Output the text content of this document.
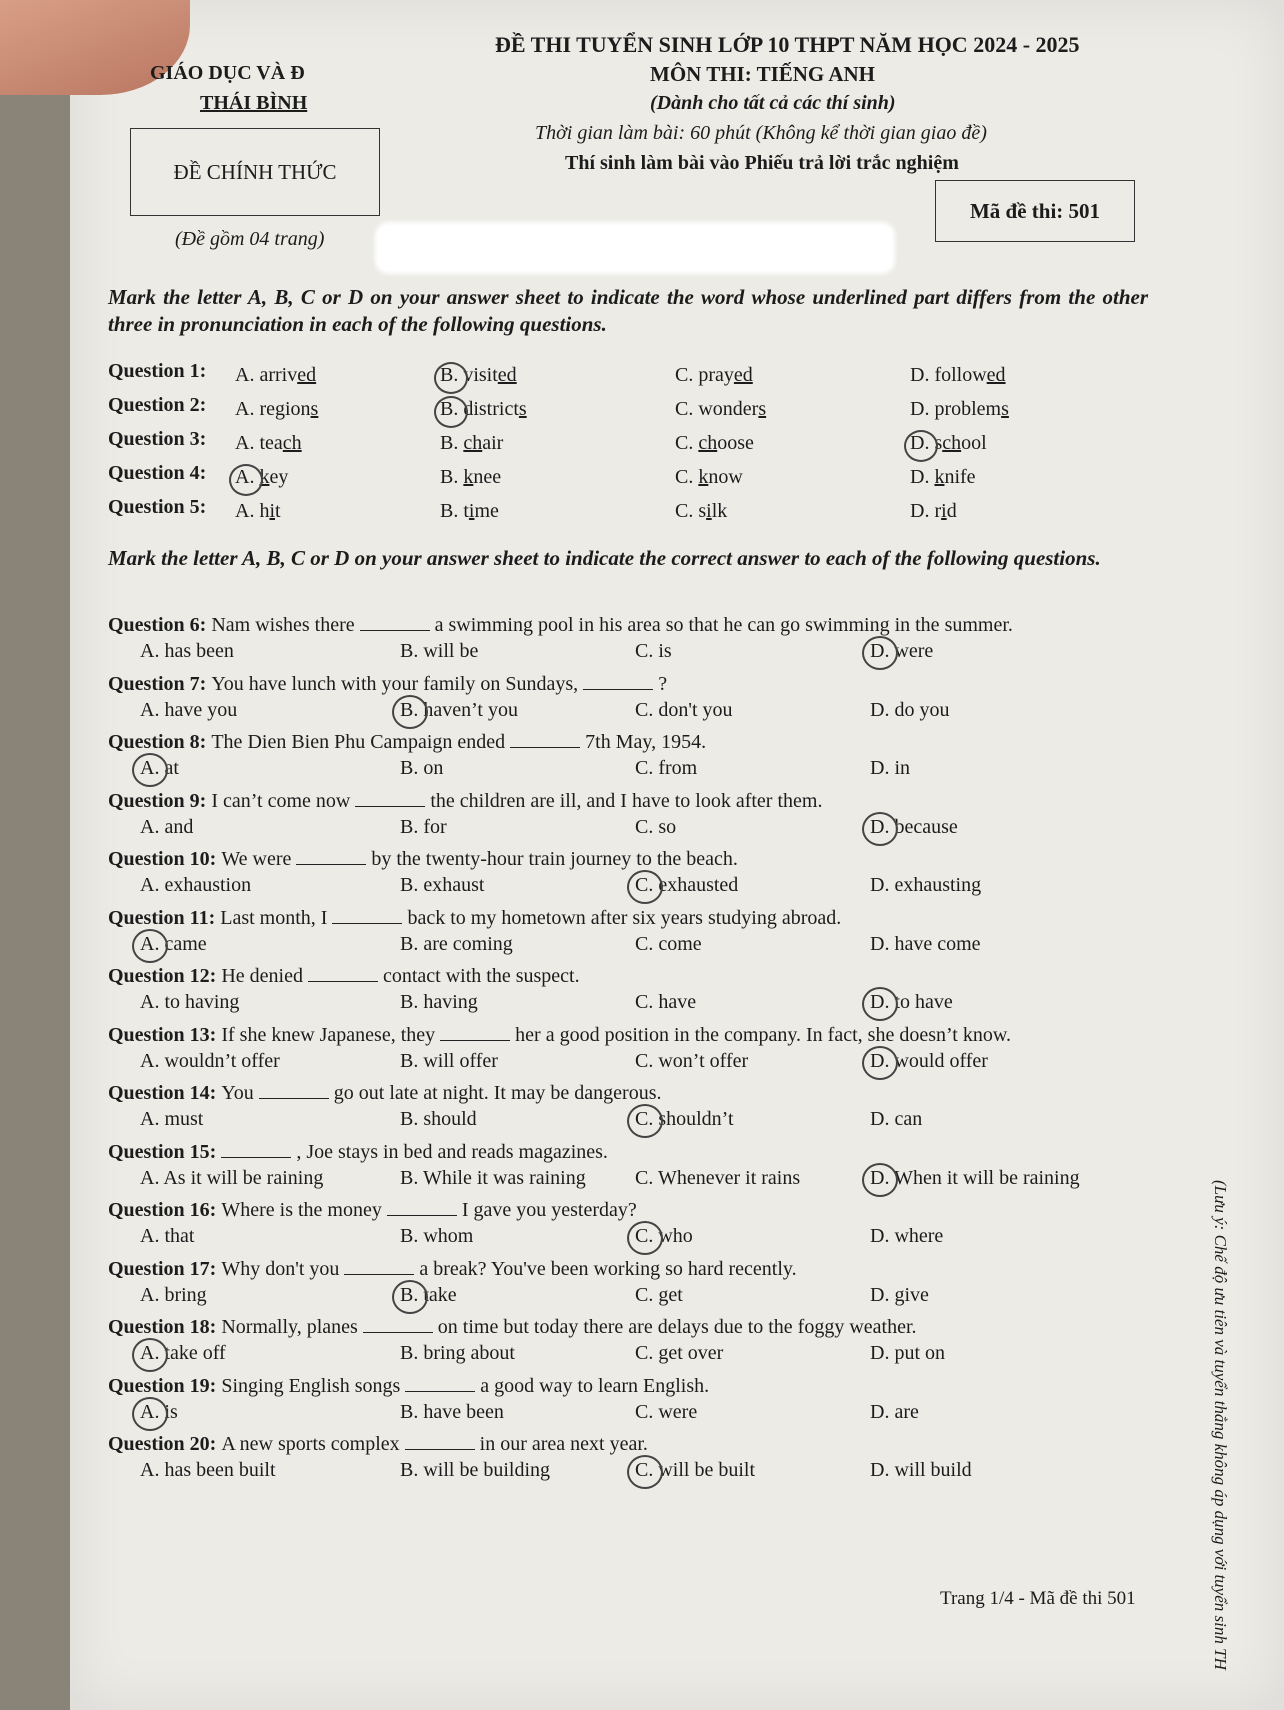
GIÁO DỤC VÀ Đ
THÁI BÌNH
ĐỀ CHÍNH THỨC
(Đề gồm 04 trang)
ĐỀ THI TUYỂN SINH LỚP 10 THPT NĂM HỌC 2024 - 2025
MÔN THI: TIẾNG ANH
(Dành cho tất cả các thí sinh)
Thời gian làm bài: 60 phút (Không kể thời gian giao đề)
Thí sinh làm bài vào Phiếu trả lời trắc nghiệm
Mã đề thi: 501
Mark the letter A, B, C or D on your answer sheet to indicate the word whose underlined part differs from the other three in pronunciation in each of the following questions.
Question 1: A. arrived	B. visited	C. prayed	D. followed
Question 2: A. regions	B. districts	C. wonders	D. problems
Question 3: A. teach	B. chair	C. choose	D. school
Question 4: A. key	B. knee	C. know	D. knife
Question 5: A. hit	B. time	C. silk	D. rid
Mark the letter A, B, C or D on your answer sheet to indicate the correct answer to each of the following questions.
Question 6: Nam wishes there	a swimming pool in his area so that he can go swimming in the summer.
A. has been	B. will be	C. is	D. were
Question 7: You have lunch with your family on Sundays,	?
A. have you	B. haven’t you	C. don't you	D. do you
Question 8: The Dien Bien Phu Campaign ended	7th May, 1954.
A. at	B. on	C. from	D. in
Question 9: I can’t come now	the children are ill, and I have to look after them.
A. and	B. for	C. so	D. because
Question 10: We were	by the twenty-hour train journey to the beach.
A. exhaustion	B. exhaust	C. exhausted	D. exhausting
Question 11: Last month, I	back to my hometown after six years studying abroad.
A. came	B. are coming	C. come	D. have come
Question 12: He denied	contact with the suspect.
A. to having	B. having	C. have	D. to have
Question 13: If she knew Japanese, they	her a good position in the company. In fact, she doesn’t know.
A. wouldn’t offer	B. will offer	C. won’t offer	D. would offer
Question 14: You	go out late at night. It may be dangerous.
A. must	B. should	C. shouldn’t	D. can
Question 15:	, Joe stays in bed and reads magazines.
A. As it will be raining	B. While it was raining C. Whenever it rains	D. When it will be raining
Question 16: Where is the money	I gave you yesterday?
A. that	B. whom	C. who	D. where
Question 17: Why don't you	a break? You've been working so hard recently.
A. bring	B. take	C. get	D. give
Question 18: Normally, planes	on time but today there are delays due to the foggy weather.
A. take off	B. bring about	C. get over	D. put on
Question 19: Singing English songs	a good way to learn English.
A. is	B. have been	C. were	D. are
Question 20: A new sports complex	in our area next year.
A. has been built	B. will be building	C. will be built	D. will build	(Lưu ý: Chế độ ưu tiên và tuyển thẳng không áp dụng với tuyển sinh TH
Trang 1/4 - Mã đề thi 501
